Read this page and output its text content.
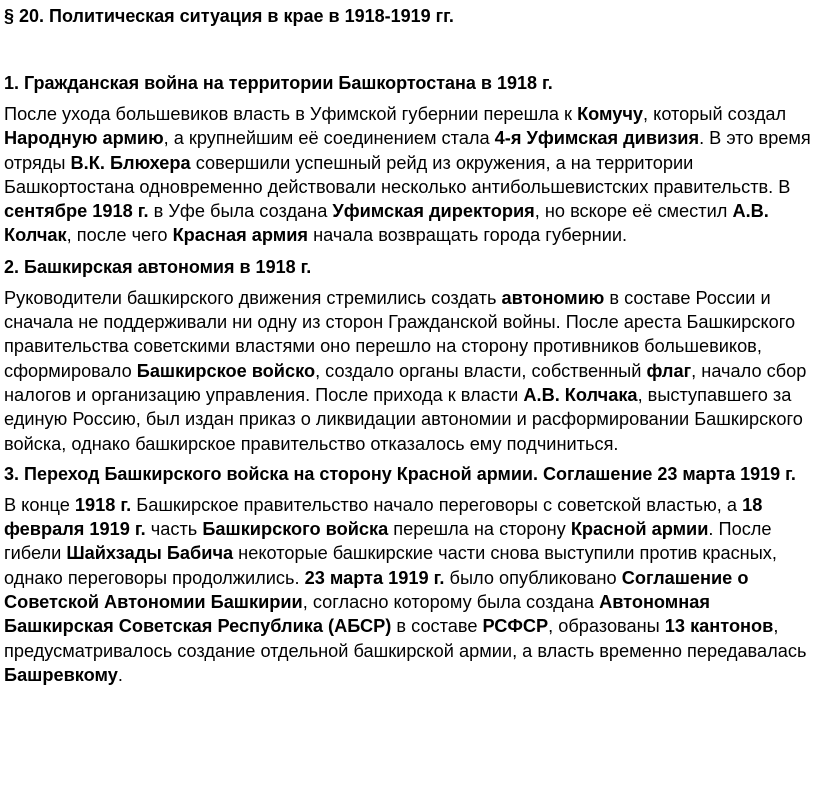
§ 20. Политическая ситуация в крае в 1918-1919 гг.
1. Гражданская война на территории Башкортостана в 1918 г.

После ухода большевиков власть в Уфимской губернии перешла к Комучу, который создал Народную армию, а крупнейшим её соединением стала 4-я Уфимская дивизия. В это время отряды В.К. Блюхера совершили успешный рейд из окружения, а на территории Башкортостана одновременно действовали несколько антибольшевистских правительств. В сентябре 1918 г. в Уфе была создана Уфимская директория, но вскоре её сместил А.В. Колчак, после чего Красная армия начала возвращать города губернии.

2. Башкирская автономия в 1918 г.

Руководители башкирского движения стремились создать автономию в составе России и сначала не поддерживали ни одну из сторон Гражданской войны. После ареста Башкирского правительства советскими властями оно перешло на сторону противников большевиков, сформировало Башкирское войско, создало органы власти, собственный флаг, начало сбор налогов и организацию управления. После прихода к власти А.В. Колчака, выступавшего за единую Россию, был издан приказ о ликвидации автономии и расформировании Башкирского войска, однако башкирское правительство отказалось ему подчиниться.

3. Переход Башкирского войска на сторону Красной армии. Соглашение 23 марта 1919 г.

В конце 1918 г. Башкирское правительство начало переговоры с советской властью, а 18 февраля 1919 г. часть Башкирского войска перешла на сторону Красной армии. После гибели Шайхзады Бабича некоторые башкирские части снова выступили против красных, однако переговоры продолжились. 23 марта 1919 г. было опубликовано Соглашение о Советской Автономии Башкирии, согласно которому была создана Автономная Башкирская Советская Республика (АБСР) в составе РСФСР, образованы 13 кантонов, предусматривалось создание отдельной башкирской армии, а власть временно передавалась Башревкому.
